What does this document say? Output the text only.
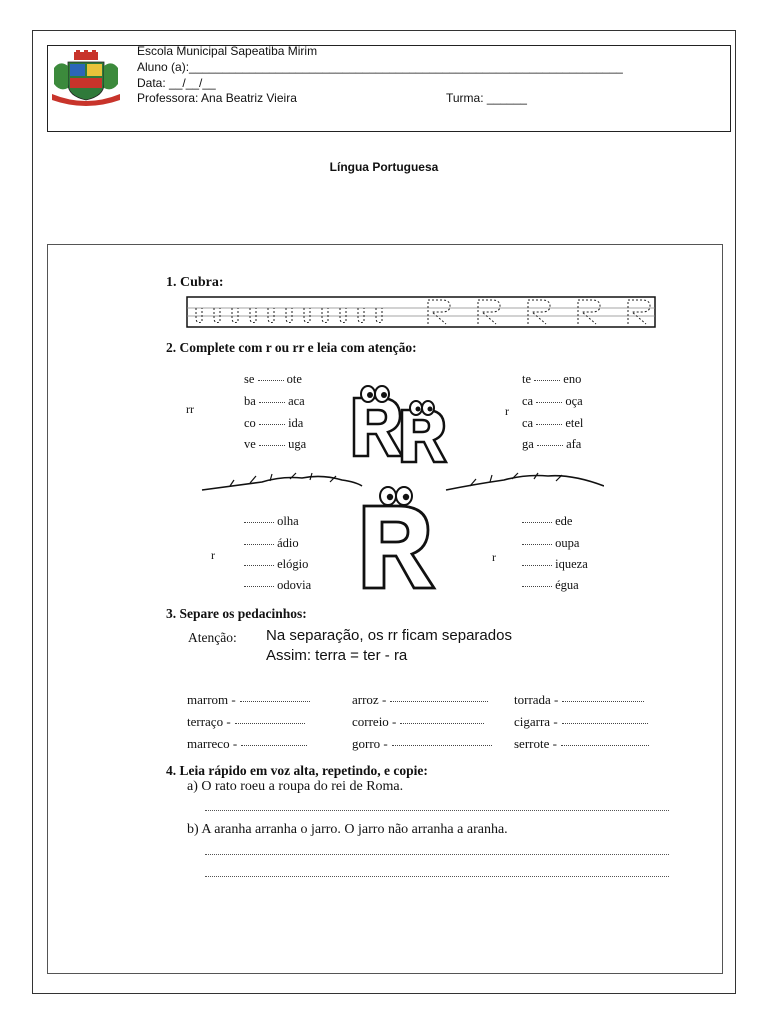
Escola Municipal Sapeatiba Mirim
Aluno (a):_________________________________________________________________
Data: __/__/__
Professora: Ana Beatriz Vieira	Turma: ______
Língua Portuguesa
1. Cubra:
2. Complete com r ou rr e leia com atenção:
rr	r
se	ote
ba	aca
co	ida
ve	uga
te	eno
ca	oça
ca	etel
ga	afa
olha
ádio
elógio
odovia
ede
oupa
iqueza
égua
r	r
3. Separe os pedacinhos:
Atenção: Na separação, os rr ficam separados
Assim: terra = ter - ra
marrom -	arroz -	torrada -
terraço -	correio -	cigarra -
marreco -	gorro -	serrote -
4. Leia rápido em voz alta, repetindo, e copie:
a) O rato roeu a roupa do rei de Roma.
b) A aranha arranha o jarro. O jarro não arranha a aranha.
